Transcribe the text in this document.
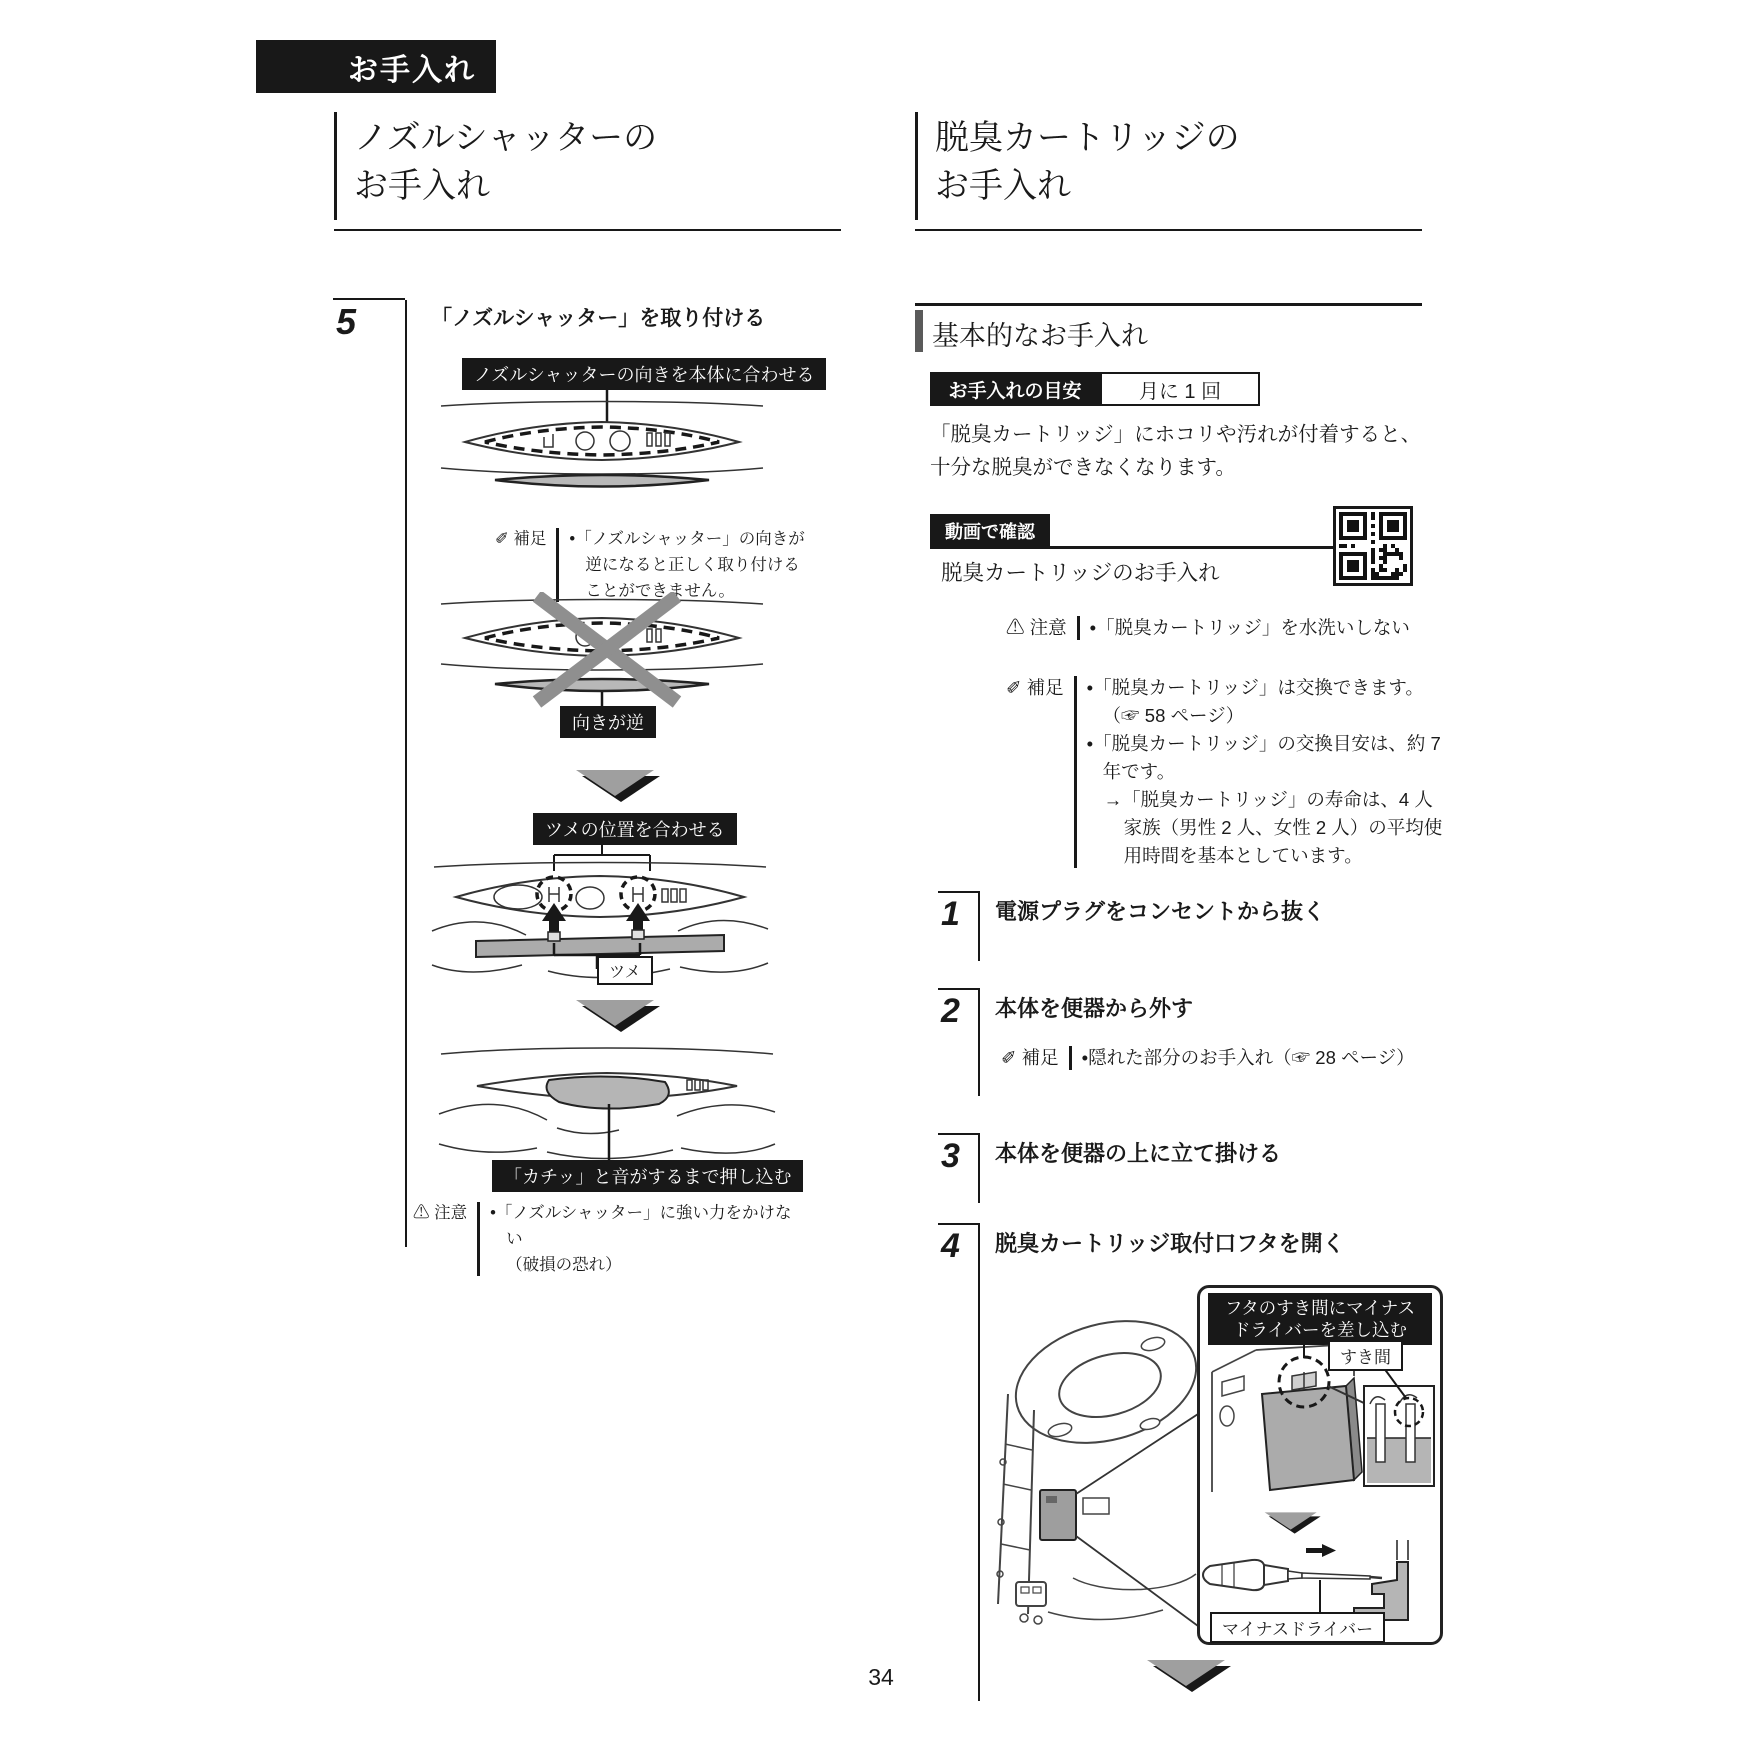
お手入れ
ノズルシャッターの
お手入れ
脱臭カートリッジの
お手入れ
5	「ノズルシャッター」を取り付ける
ノズルシャッターの向きを本体に合わせる
✐ 補足 •「ノズルシャッター」の向きが逆になると正しく取り付けることができません。
向きが逆
ツメの位置を合わせる
ツメ
「カチッ」と音がするまで押し込む
⚠ 注意 •「ノズルシャッター」に強い力をかけない
（破損の恐れ）
基本的なお手入れ
お手入れの目安	月に 1 回
「脱臭カートリッジ」にホコリや汚れが付着すると、十分な脱臭ができなくなります。
動画で確認
脱臭カートリッジのお手入れ
⚠ 注意 •「脱臭カートリッジ」を水洗いしない
✐ 補足 •「脱臭カートリッジ」は交換できます。
（☞ 58 ページ）
•「脱臭カートリッジ」の交換目安は、約 7 年です。
→「脱臭カートリッジ」の寿命は、4 人家族（男性 2 人、女性 2 人）の平均使用時間を基本としています。
1	電源プラグをコンセントから抜く
2	本体を便器から外す
✐ 補足 •隠れた部分のお手入れ（☞ 28 ページ）
3	本体を便器の上に立て掛ける
4	脱臭カートリッジ取付口フタを開く
フタのすき間にマイナス
ドライバーを差し込む
すき間
マイナスドライバー
34
